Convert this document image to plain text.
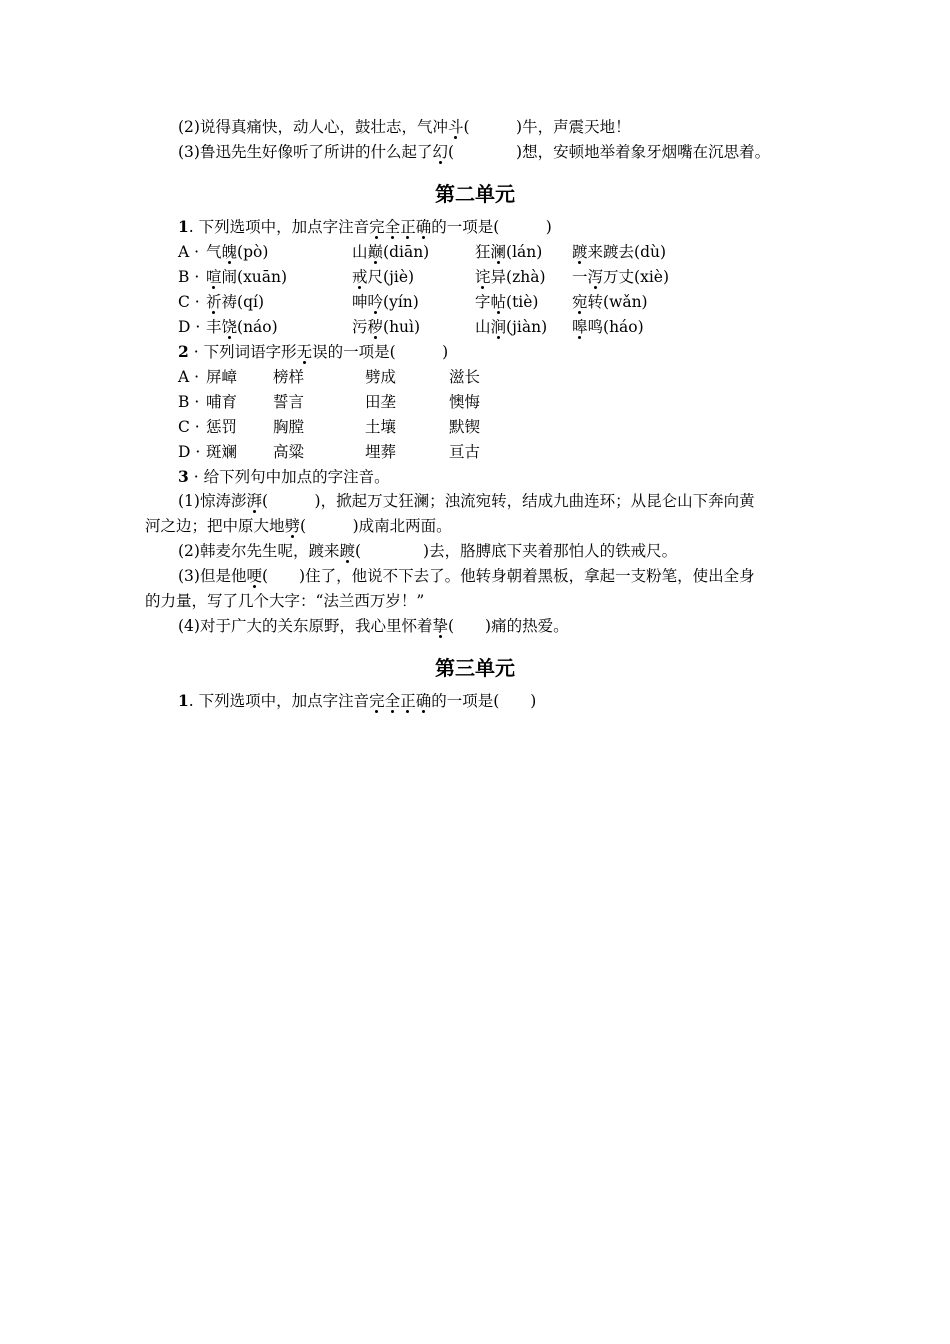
(2)说得真痛快，动人心，鼓壮志，气冲斗(　　　)牛，声震天地！
(3)鲁迅先生好像听了所讲的什么起了幻(　　　　)想，安顿地举着象牙烟嘴在沉思着。
第二单元
1. 下列选项中，加点字注音完全正确的一项是(　　　)
A · 气魄(pò)	山巅(diān)	狂澜(lán) 踱来踱去(dù)
B · 喧闹(xuān)	戒尺(jiè)	诧异(zhà) 一泻万丈(xiè)
C · 祈祷(qí)	呻吟(yín)	字帖(tiè) 宛转(wǎn)
D · 丰饶(náo)	污秽(huì)	山涧(jiàn) 嗥鸣(háo)
2 · 下列词语字形无误的一项是(　　　)
A · 屏嶂 榜样	劈成	滋长
B · 哺育 誓言	田垄	懊悔
C · 惩罚 胸膛	土壤	默锲
D · 斑斓 高粱	埋葬	亘古
3 · 给下列句中加点的字注音。
(1)惊涛澎湃(　　　)，掀起万丈狂澜；浊流宛转，结成九曲连环；从昆仑山下奔向黄
河之边；把中原大地劈(　　　)成南北两面。
(2)韩麦尔先生呢，踱来踱(　　　　)去，胳膊底下夹着那怕人的铁戒尺。
(3)但是他哽(　　)住了，他说不下去了。他转身朝着黑板，拿起一支粉笔，使出全身
的力量，写了几个大字：“法兰西万岁！”
(4)对于广大的关东原野，我心里怀着挚(　　)痛的热爱。
第三单元
1. 下列选项中，加点字注音完全正确的一项是(　　)
